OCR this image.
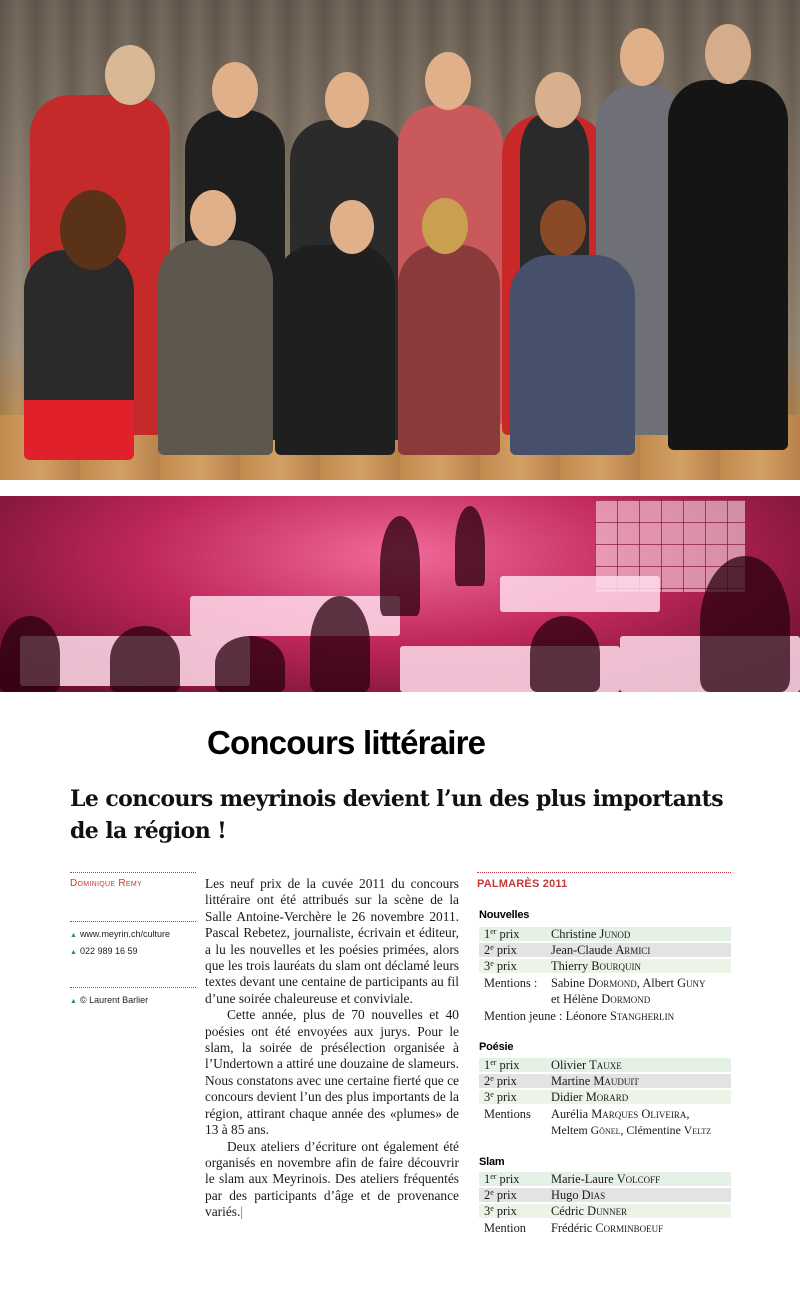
Concours littéraire
Le concours meyrinois devient l’un des plus importants de la région !
Dominique Remy
▲ www.meyrin.ch/culture
▲ 022 989 16 59
▲ © Laurent Barlier

Les neuf prix de la cuvée 2011 du concours littéraire ont été attribués sur la scène de la Salle Antoine-Verchère le 26 novembre 2011. Pascal Rebetez, journaliste, écrivain et éditeur, a lu les nouvelles et les poésies primées, alors que les trois lauréats du slam ont déclamé leurs textes devant une centaine de participants au fil d’une soirée chaleureuse et conviviale.

Cette année, plus de 70 nouvelles et 40 poésies ont été envoyées aux jurys. Pour le slam, la soirée de présélection organisée à l’Undertown a attiré une douzaine de slameurs. Nous constatons avec une certaine fierté que ce concours devient l’un des plus importants de la région, attirant chaque année des «plumes» de 13 à 85 ans.

Deux ateliers d’écriture ont également été organisés en novembre afin de faire découvrir le slam aux Meyrinois. Des ateliers fréquentés par des participants d’âge et de provenance variés.|

PALMARÈS 2011
Nouvelles
1er prix	Christine Junod
2e prix	Jean-Claude Armici
3e prix	Thierry Bourquin
Mentions : Sabine Dormond, Albert Guny
et Hélène Dormond
Mention jeune : Léonore Stangherlin
Poésie
1er prix	Olivier Tauxe
2e prix	Martine Mauduit
3e prix	Didier Morard
Mentions Aurélia Marques Oliveira,
Meltem Gönel, Clémentine Veltz
Slam
1er prix	Marie-Laure Volcoff
2e prix	Hugo Dias
3e prix	Cédric Dunner
Mention Frédéric Corminboeuf
